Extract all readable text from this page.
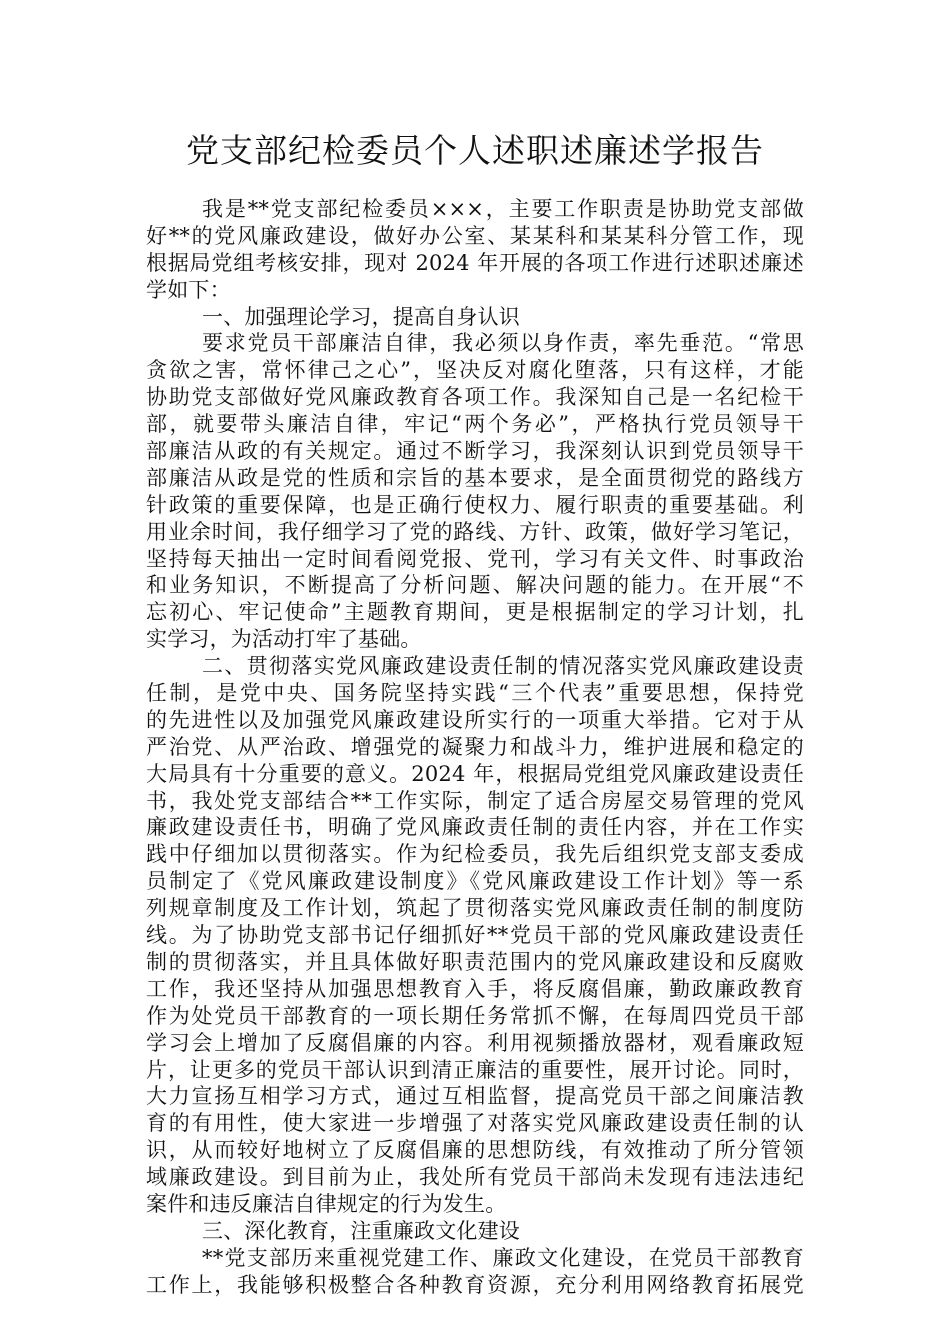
党支部纪检委员个人述职述廉述学报告
我是**党支部纪检委员×××，主要工作职责是协助党支部做
好**的党风廉政建设，做好办公室、某某科和某某科分管工作，现
根据局党组考核安排，现对 2024 年开展的各项工作进行述职述廉述
学如下：
一、加强理论学习，提高自身认识
要求党员干部廉洁自律，我必须以身作责，率先垂范。“常思
贪欲之害，常怀律己之心”，坚决反对腐化堕落，只有这样，才能
协助党支部做好党风廉政教育各项工作。我深知自己是一名纪检干
部，就要带头廉洁自律，牢记“两个务必”，严格执行党员领导干
部廉洁从政的有关规定。通过不断学习，我深刻认识到党员领导干
部廉洁从政是党的性质和宗旨的基本要求，是全面贯彻党的路线方
针政策的重要保障，也是正确行使权力、履行职责的重要基础。利
用业余时间，我仔细学习了党的路线、方针、政策，做好学习笔记，
坚持每天抽出一定时间看阅党报、党刊，学习有关文件、时事政治
和业务知识，不断提高了分析问题、解决问题的能力。在开展“不
忘初心、牢记使命”主题教育期间，更是根据制定的学习计划，扎
实学习，为活动打牢了基础。
二、贯彻落实党风廉政建设责任制的情况落实党风廉政建设责
任制，是党中央、国务院坚持实践“三个代表”重要思想，保持党
的先进性以及加强党风廉政建设所实行的一项重大举措。它对于从
严治党、从严治政、增强党的凝聚力和战斗力，维护进展和稳定的
大局具有十分重要的意义。2024 年，根据局党组党风廉政建设责任
书，我处党支部结合**工作实际，制定了适合房屋交易管理的党风
廉政建设责任书，明确了党风廉政责任制的责任内容，并在工作实
践中仔细加以贯彻落实。作为纪检委员，我先后组织党支部支委成
员制定了《党风廉政建设制度》《党风廉政建设工作计划》等一系
列规章制度及工作计划，筑起了贯彻落实党风廉政责任制的制度防
线。为了协助党支部书记仔细抓好**党员干部的党风廉政建设责任
制的贯彻落实，并且具体做好职责范围内的党风廉政建设和反腐败
工作，我还坚持从加强思想教育入手，将反腐倡廉，勤政廉政教育
作为处党员干部教育的一项长期任务常抓不懈，在每周四党员干部
学习会上增加了反腐倡廉的内容。利用视频播放器材，观看廉政短
片，让更多的党员干部认识到清正廉洁的重要性，展开讨论。同时，
大力宣扬互相学习方式，通过互相监督，提高党员干部之间廉洁教
育的有用性，使大家进一步增强了对落实党风廉政建设责任制的认
识，从而较好地树立了反腐倡廉的思想防线，有效推动了所分管领
域廉政建设。到目前为止，我处所有党员干部尚未发现有违法违纪
案件和违反廉洁自律规定的行为发生。
三、深化教育，注重廉政文化建设
**党支部历来重视党建工作、廉政文化建设，在党员干部教育
工作上，我能够积极整合各种教育资源，充分利用网络教育拓展党
